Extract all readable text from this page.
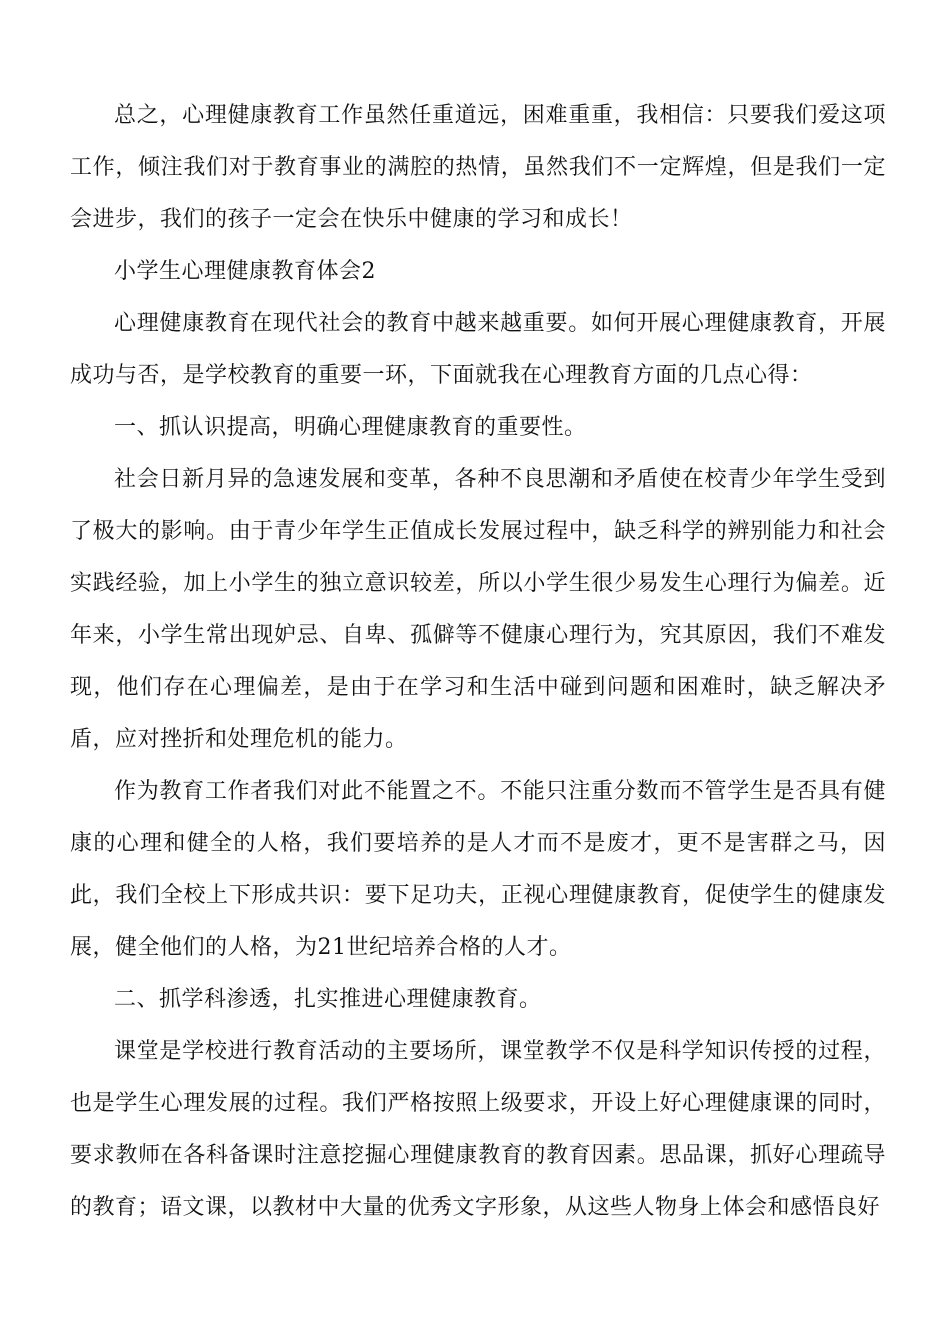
总之，心理健康教育工作虽然任重道远，困难重重，我相信：只要我们爱这项工作，倾注我们对于教育事业的满腔的热情，虽然我们不一定辉煌，但是我们一定会进步，我们的孩子一定会在快乐中健康的学习和成长！

小学生心理健康教育体会2

心理健康教育在现代社会的教育中越来越重要。如何开展心理健康教育，开展成功与否，是学校教育的重要一环，下面就我在心理教育方面的几点心得：

一、抓认识提高，明确心理健康教育的重要性。

社会日新月异的急速发展和变革，各种不良思潮和矛盾使在校青少年学生受到了极大的影响。由于青少年学生正值成长发展过程中，缺乏科学的辨别能力和社会实践经验，加上小学生的独立意识较差，所以小学生很少易发生心理行为偏差。近年来，小学生常出现妒忌、自卑、孤僻等不健康心理行为，究其原因，我们不难发现，他们存在心理偏差，是由于在学习和生活中碰到问题和困难时，缺乏解决矛盾，应对挫折和处理危机的能力。

作为教育工作者我们对此不能置之不。不能只注重分数而不管学生是否具有健康的心理和健全的人格，我们要培养的是人才而不是废才，更不是害群之马，因此，我们全校上下形成共识：要下足功夫，正视心理健康教育，促使学生的健康发展，健全他们的人格，为21世纪培养合格的人才。

二、抓学科渗透，扎实推进心理健康教育。

课堂是学校进行教育活动的主要场所，课堂教学不仅是科学知识传授的过程，也是学生心理发展的过程。我们严格按照上级要求，开设上好心理健康课的同时，要求教师在各科备课时注意挖掘心理健康教育的教育因素。思品课，抓好心理疏导的教育；语文课，以教材中大量的优秀文字形象，从这些人物身上体会和感悟良好
